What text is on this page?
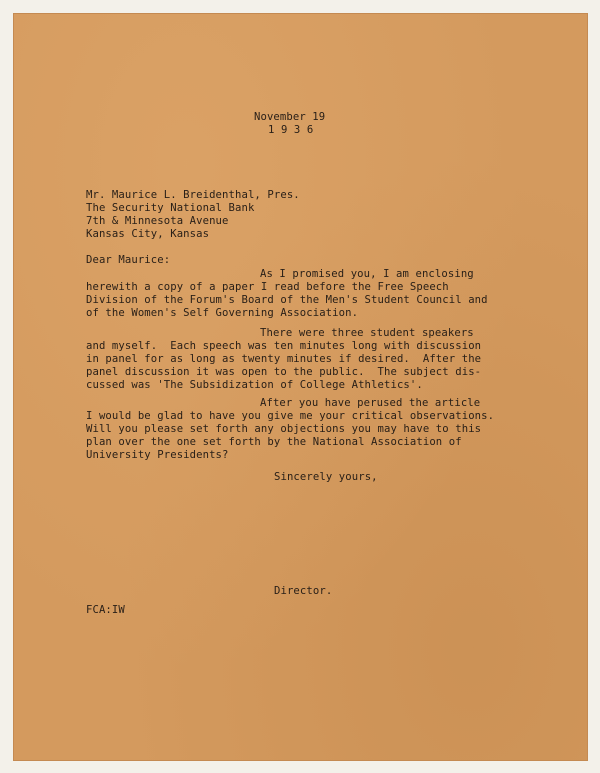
November 19

1 9 3 6

Mr. Maurice L. Breidenthal, Pres.

The Security National Bank

7th & Minnesota Avenue

Kansas City, Kansas

Dear Maurice:

As I promised you, I am enclosing

herewith a copy of a paper I read before the Free Speech

Division of the Forum's Board of the Men's Student Council and

of the Women's Self Governing Association.

There were three student speakers

and myself.  Each speech was ten minutes long with discussion

in panel for as long as twenty minutes if desired.  After the

panel discussion it was open to the public.  The subject dis-

cussed was 'The Subsidization of College Athletics'.

After you have perused the article

I would be glad to have you give me your critical observations.

Will you please set forth any objections you may have to this

plan over the one set forth by the National Association of

University Presidents?

Sincerely yours,

Director.

FCA:IW
